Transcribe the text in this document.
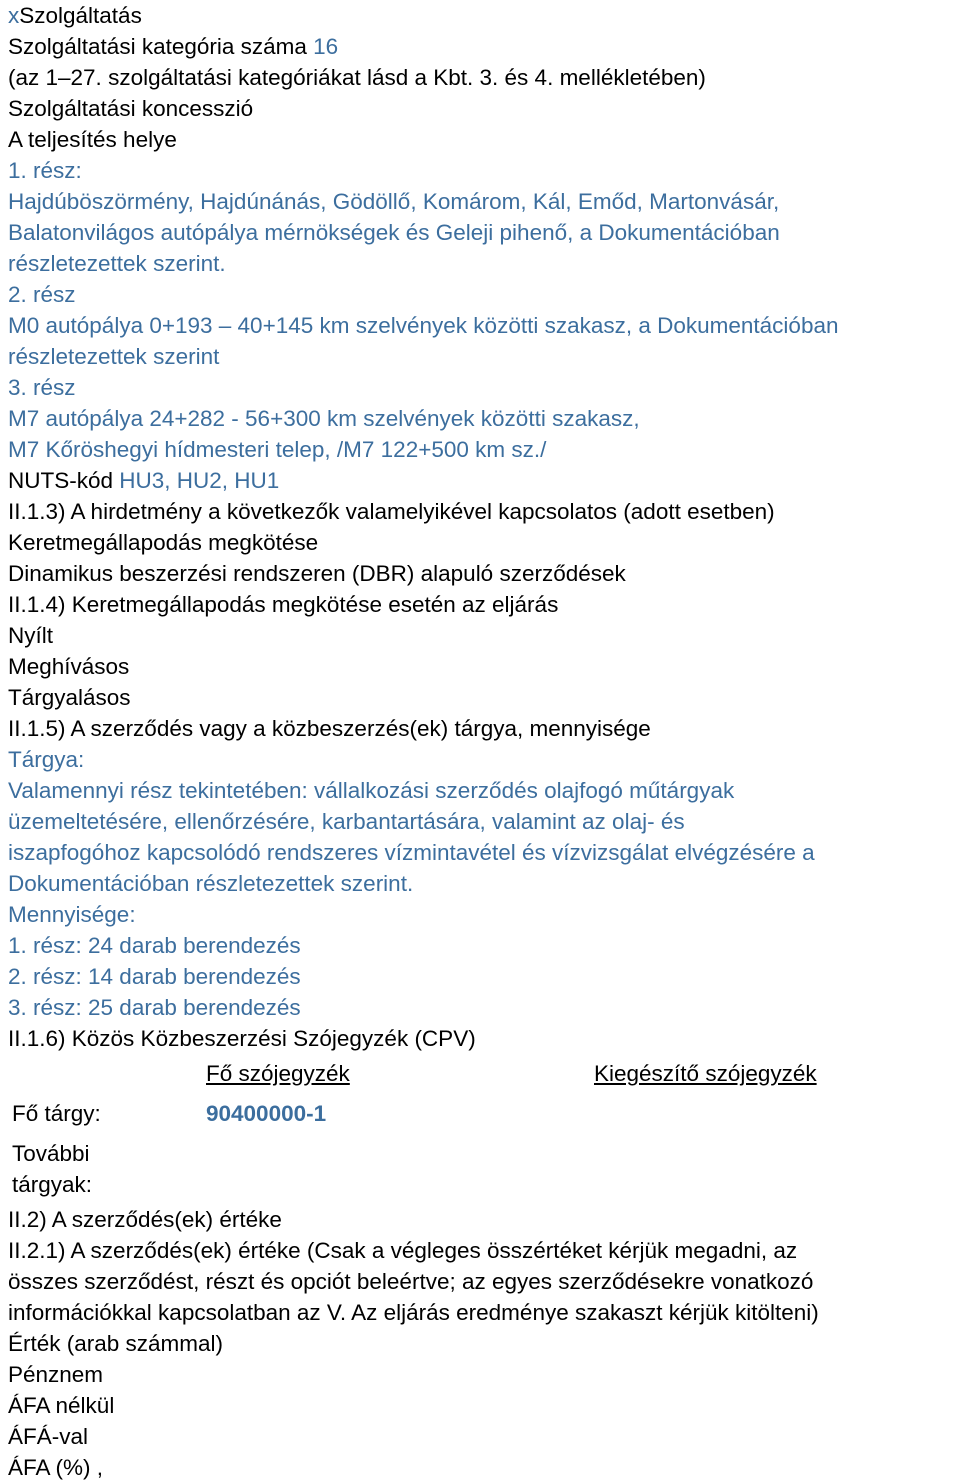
xSzolgáltatás
Szolgáltatási kategória száma 16
(az 1–27. szolgáltatási kategóriákat lásd a Kbt. 3. és 4. mellékletében)
Szolgáltatási koncesszió
A teljesítés helye
1. rész:
Hajdúböszörmény, Hajdúnánás, Gödöllő, Komárom, Kál, Emőd, Martonvásár,
Balatonvilágos autópálya mérnökségek és Geleji pihenő, a Dokumentációban
részletezettek szerint.
2. rész
M0 autópálya 0+193 – 40+145 km szelvények közötti szakasz, a Dokumentációban
részletezettek szerint
3. rész
M7 autópálya 24+282 - 56+300 km szelvények közötti szakasz,
M7 Kőröshegyi hídmesteri telep, /M7 122+500 km sz./
NUTS-kód HU3, HU2, HU1
II.1.3) A hirdetmény a következők valamelyikével kapcsolatos (adott esetben)
Keretmegállapodás megkötése
Dinamikus beszerzési rendszeren (DBR) alapuló szerződések
II.1.4) Keretmegállapodás megkötése esetén az eljárás
Nyílt
Meghívásos
Tárgyalásos
II.1.5) A szerződés vagy a közbeszerzés(ek) tárgya, mennyisége
Tárgya:
Valamennyi rész tekintetében: vállalkozási szerződés olajfogó műtárgyak
üzemeltetésére, ellenőrzésére, karbantartására, valamint az olaj- és
iszapfogóhoz kapcsolódó rendszeres vízmintavétel és vízvizsgálat elvégzésére a
Dokumentációban részletezettek szerint.
Mennyisége:
1. rész: 24 darab berendezés
2. rész: 14 darab berendezés
3. rész: 25 darab berendezés
II.1.6) Közös Közbeszerzési Szójegyzék (CPV)
Fő szójegyzék	Kiegészítő szójegyzék
Fő tárgy:	90400000-1
További
tárgyak:
II.2) A szerződés(ek) értéke
II.2.1) A szerződés(ek) értéke (Csak a végleges összértéket kérjük megadni, az
összes szerződést, részt és opciót beleértve; az egyes szerződésekre vonatkozó
információkkal kapcsolatban az V. Az eljárás eredménye szakaszt kérjük kitölteni)
Érték (arab számmal)
Pénznem
ÁFA nélkül
ÁFÁ-val
ÁFA (%) ,
